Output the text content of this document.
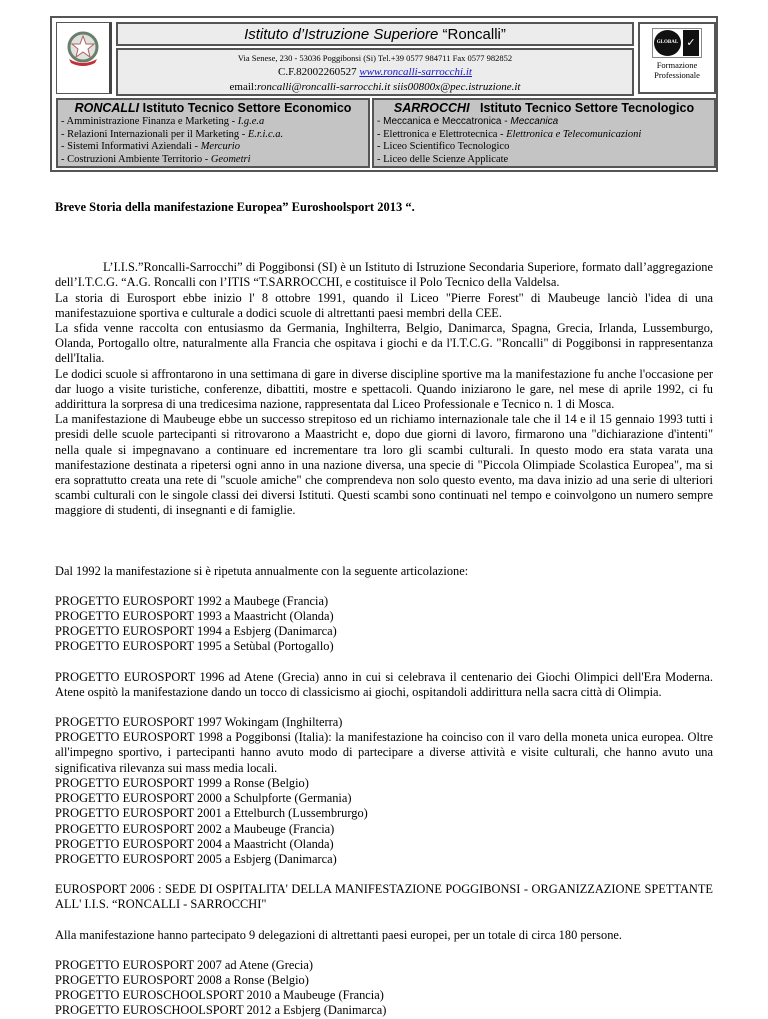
Istituto d’Istruzione Superiore “Roncalli”
Via Senese, 230 - 53036 Poggibonsi (Si) Tel.+39 0577 984711 Fax 0577 982852
C.F.82002260527 www.roncalli-sarrocchi.it
email:roncalli@roncalli-sarrocchi.it siis00800x@pec.istruzione.it
GLOBAL ✓
Formazione
Professionale
RONCALLI Istituto Tecnico Settore Economico
- Amministrazione Finanza e Marketing - I.g.e.a
- Relazioni Internazionali per il Marketing - E.r.i.c.a.
- Sistemi Informativi Aziendali - Mercurio
- Costruzioni Ambiente Territorio - Geometri
SARROCCHI   Istituto Tecnico Settore Tecnologico
- Meccanica e Meccatronica - Meccanica
- Elettronica e Elettrotecnica - Elettronica e Telecomunicazioni
- Liceo Scientifico Tecnologico
- Liceo delle Scienze Applicate

Breve Storia della manifestazione Europea” Euroshoolsport 2013 “.

L’I.I.S.”Roncalli-Sarrocchi” di Poggibonsi (SI) è un Istituto di Istruzione Secondaria Superiore, formato dall’aggregazione dell’I.T.C.G. “A.G. Roncalli con l’ITIS “T.SARROCCHI, e costituisce il Polo Tecnico della Valdelsa.

La storia di Eurosport ebbe inizio l' 8 ottobre 1991, quando il Liceo "Pierre Forest" di Maubeuge lanciò l'idea di una manifestazuione sportiva e culturale a dodici scuole di altrettanti paesi membri della CEE.

La sfida venne raccolta con entusiasmo da Germania, Inghilterra, Belgio, Danimarca, Spagna, Grecia, Irlanda, Lussemburgo, Olanda, Portogallo oltre, naturalmente alla Francia che ospitava i giochi e da l'I.T.C.G. "Roncalli" di Poggibonsi in rappresentanza dell'Italia.

Le dodici scuole si affrontarono in una settimana di gare in diverse discipline sportive ma la manifestazione fu anche l'occasione per dar luogo a visite turistiche, conferenze, dibattiti, mostre e spettacoli. Quando iniziarono le gare, nel mese di aprile 1992, ci fu addirittura la sorpresa di una tredicesima nazione, rappresentata dal Liceo Professionale e Tecnico n. 1 di Mosca.

La manifestazione di Maubeuge ebbe un successo strepitoso ed un richiamo internazionale tale che il 14 e il 15 gennaio 1993 tutti i presidi delle scuole partecipanti si ritrovarono a Maastricht e, dopo due giorni di lavoro, firmarono una "dichiarazione d'intenti" nella quale si impegnavano a continuare ed incrementare tra loro gli scambi culturali. In questo modo era stata varata una manifestazione destinata a ripetersi ogni anno in una nazione diversa, una specie di "Piccola Olimpiade Scolastica Europea", ma si era soprattutto creata una rete di "scuole amiche" che comprendeva non solo questo evento, ma dava inizio ad una serie di ulteriori scambi culturali con le singole classi dei diversi Istituti. Questi scambi sono continuati nel tempo e coinvolgono un numero sempre maggiore di studenti, di insegnanti e di famiglie.

Dal 1992 la manifestazione si è ripetuta annualmente con la seguente articolazione:

PROGETTO EUROSPORT 1992 a Maubege (Francia)

PROGETTO EUROSPORT 1993 a Maastricht (Olanda)

PROGETTO EUROSPORT 1994 a Esbjerg (Danimarca)

PROGETTO EUROSPORT 1995 a Setùbal (Portogallo)

PROGETTO EUROSPORT 1996 ad Atene (Grecia) anno in cui si celebrava il centenario dei Giochi Olimpici dell'Era Moderna. Atene ospitò la manifestazione dando un tocco di classicismo ai giochi, ospitandoli addirittura nella sacra città di Olimpia.

PROGETTO EUROSPORT 1997 Wokingam (Inghilterra)

PROGETTO EUROSPORT 1998 a Poggibonsi (Italia): la manifestazione ha coinciso con il varo della moneta unica europea. Oltre all'impegno sportivo, i partecipanti hanno avuto modo di partecipare a diverse attività e visite culturali, che hanno avuto una significativa rilevanza sui mass media locali.

PROGETTO EUROSPORT 1999 a Ronse (Belgio)

PROGETTO EUROSPORT 2000 a Schulpforte (Germania)

PROGETTO EUROSPORT 2001 a Ettelburch (Lussembrurgo)

PROGETTO EUROSPORT 2002 a Maubeuge (Francia)

PROGETTO EUROSPORT 2004 a Maastricht (Olanda)

PROGETTO EUROSPORT 2005 a Esbjerg (Danimarca)

EUROSPORT 2006 : SEDE DI OSPITALITA' DELLA MANIFESTAZIONE POGGIBONSI - ORGANIZZAZIONE SPETTANTE ALL' I.I.S. “RONCALLI - SARROCCHI"

Alla manifestazione hanno partecipato 9 delegazioni di altrettanti paesi europei, per un totale di circa 180 persone.

PROGETTO EUROSPORT 2007 ad Atene (Grecia)

PROGETTO EUROSPORT 2008 a Ronse (Belgio)

PROGETTO EUROSCHOOLSPORT 2010 a Maubeuge (Francia)

PROGETTO EUROSCHOOLSPORT 2012 a Esbjerg (Danimarca)
